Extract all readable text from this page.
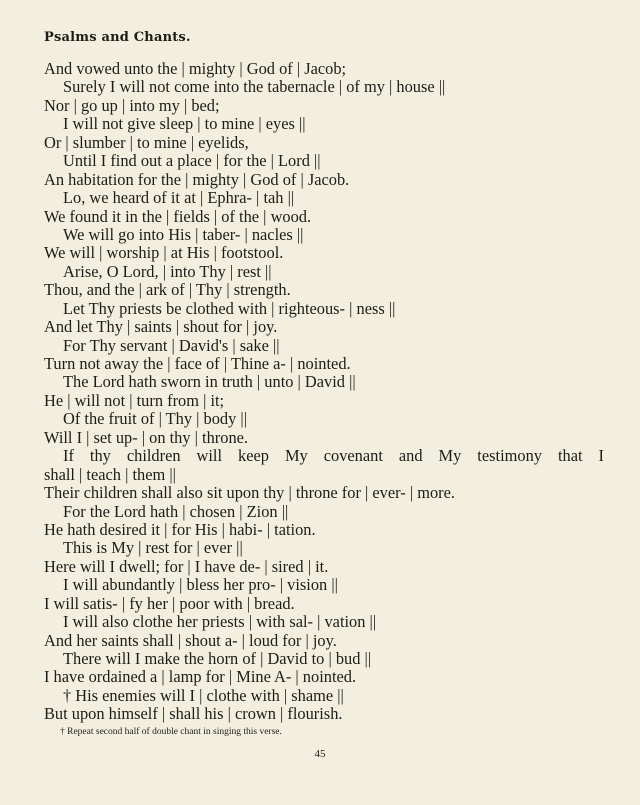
Psalms and Chants.
And vowed unto the | mighty | God of | Jacob;
Surely I will not come into the tabernacle | of my | house ||
Nor | go up | into my | bed;
I will not give sleep | to mine | eyes ||
Or | slumber | to mine | eyelids,
Until I find out a place | for the | Lord ||
An habitation for the | mighty | God of | Jacob.
Lo, we heard of it at | Ephra- | tah ||
We found it in the | fields | of the | wood.
We will go into His | taber- | nacles ||
We will | worship | at His | footstool.
Arise, O Lord, | into Thy | rest ||
Thou, and the | ark of | Thy | strength.
Let Thy priests be clothed with | righteous- | ness ||
And let Thy | saints | shout for | joy.
For Thy servant | David's | sake ||
Turn not away the | face of | Thine a- | nointed.
The Lord hath sworn in truth | unto | David ||
He | will not | turn from | it;
Of the fruit of | Thy | body ||
Will I | set up- | on thy | throne.
If thy children will keep My covenant and My testimony that I
shall | teach | them ||
Their children shall also sit upon thy | throne for | ever- | more.
For the Lord hath | chosen | Zion ||
He hath desired it | for His | habi- | tation.
This is My | rest for | ever ||
Here will I dwell; for | I have de- | sired | it.
I will abundantly | bless her pro- | vision ||
I will satis- | fy her | poor with | bread.
I will also clothe her priests | with sal- | vation ||
And her saints shall | shout a- | loud for | joy.
There will I make the horn of | David to | bud ||
I have ordained a | lamp for | Mine A- | nointed.
† His enemies will I | clothe with | shame ||
But upon himself | shall his | crown | flourish.
† Repeat second half of double chant in singing this verse.
45
